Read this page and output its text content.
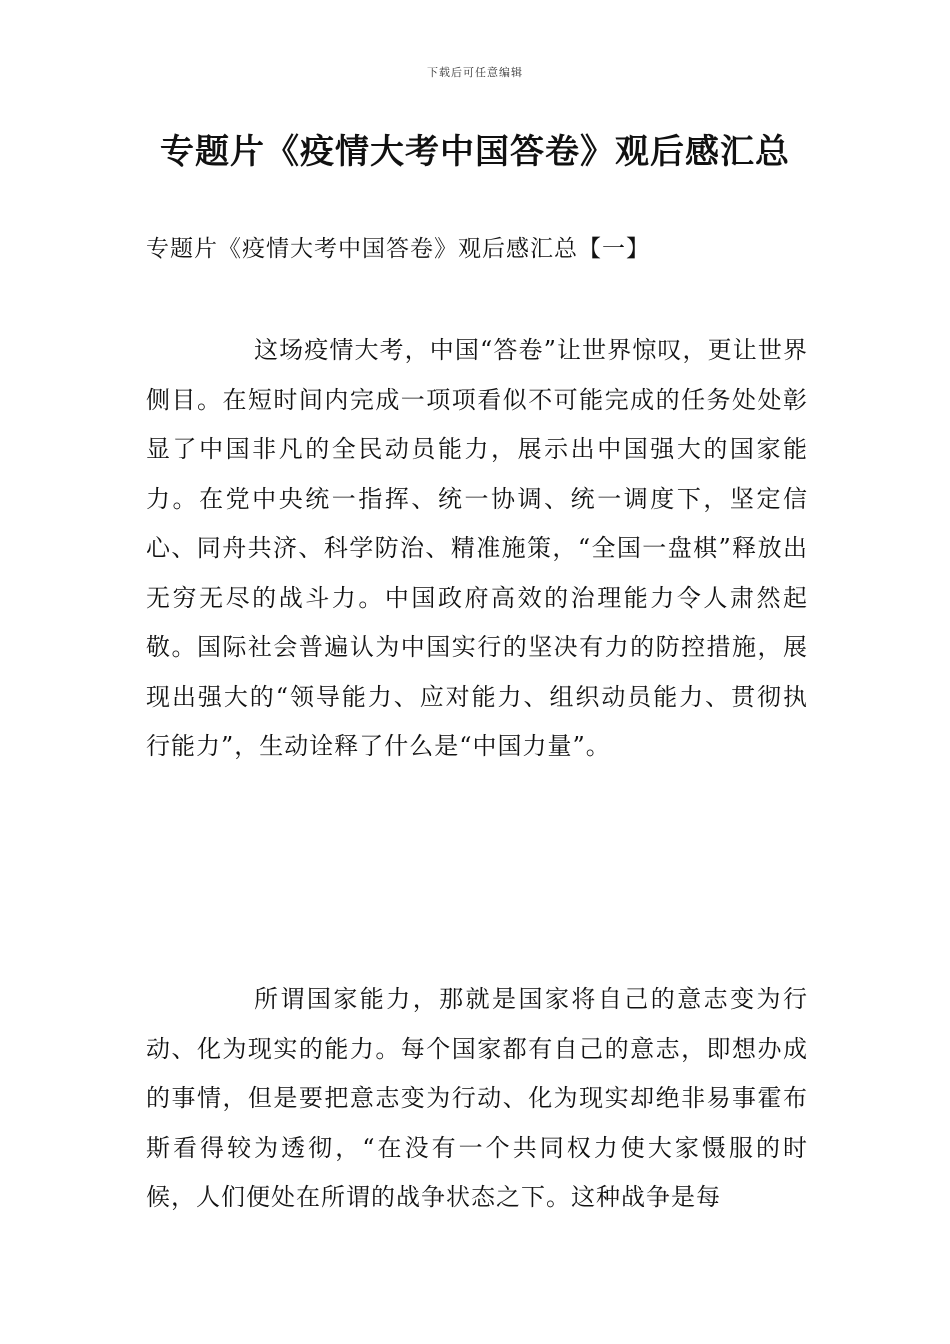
下载后可任意编辑
专题片《疫情大考中国答卷》观后感汇总
专题片《疫情大考中国答卷》观后感汇总【一】

这场疫情大考，中国“答卷”让世界惊叹，更让世界侧目。在短时间内完成一项项看似不可能完成的任务处处彰显了中国非凡的全民动员能力，展示出中国强大的国家能力。在党中央统一指挥、统一协调、统一调度下，坚定信心、同舟共济、科学防治、精准施策，“全国一盘棋”释放出无穷无尽的战斗力。中国政府高效的治理能力令人肃然起敬。国际社会普遍认为中国实行的坚决有力的防控措施，展现出强大的“领导能力、应对能力、组织动员能力、贯彻执行能力”，生动诠释了什么是“中国力量”。

所谓国家能力，那就是国家将自己的意志变为行动、化为现实的能力。每个国家都有自己的意志，即想办成的事情，但是要把意志变为行动、化为现实却绝非易事霍布斯看得较为透彻，“在没有一个共同权力使大家慑服的时候，人们便处在所谓的战争状态之下。这种战争是每
